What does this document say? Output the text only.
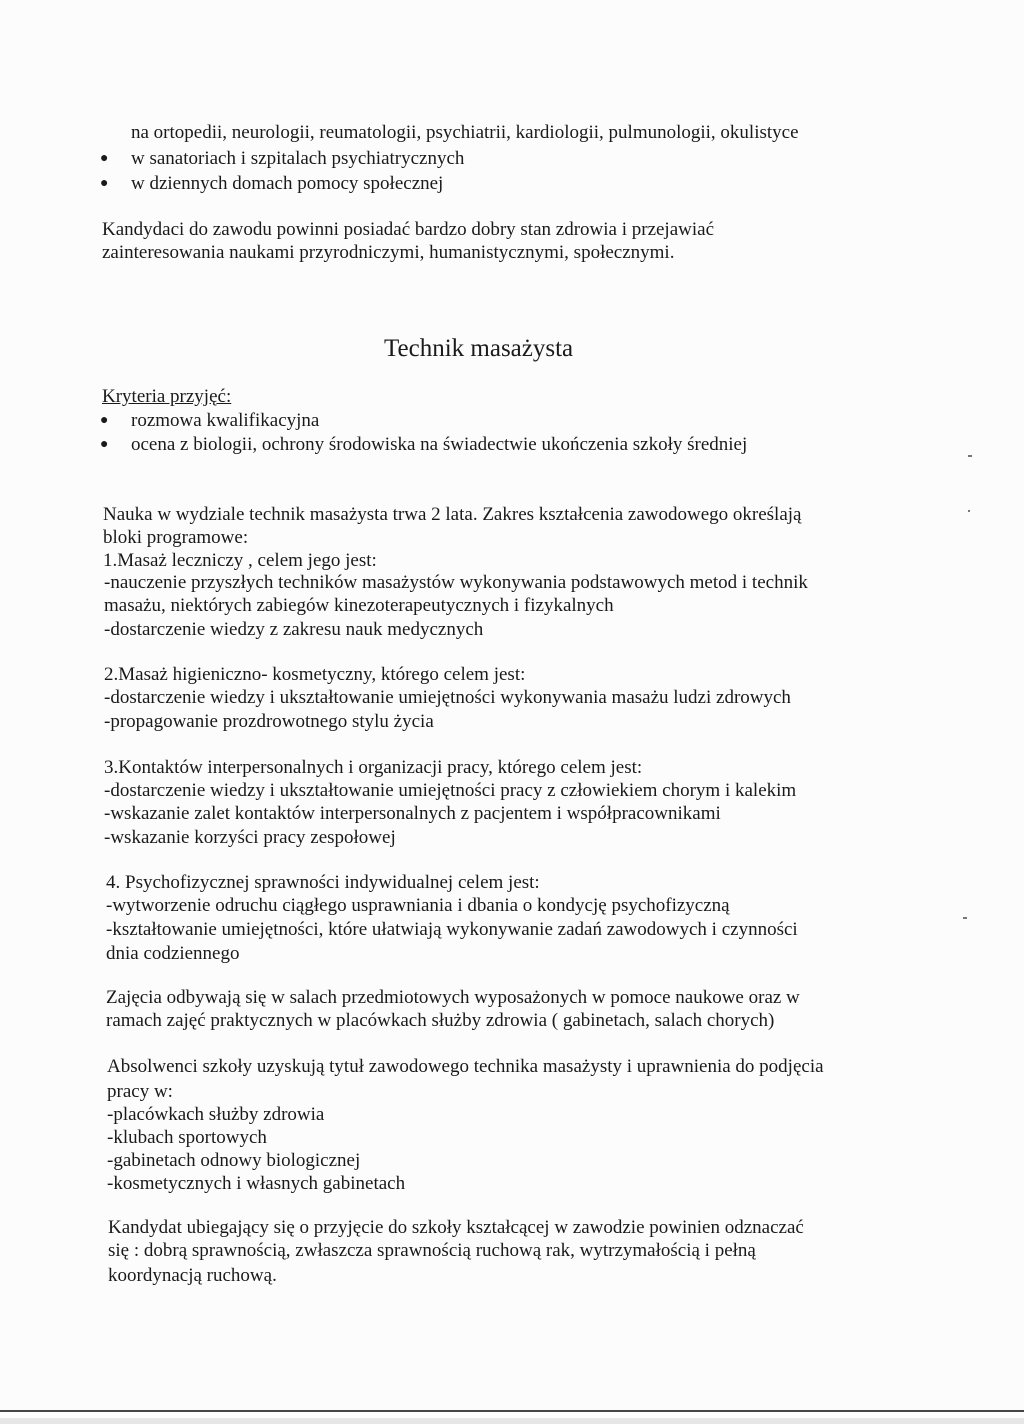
na ortopedii, neurologii, reumatologii, psychiatrii, kardiologii, pulmunologii, okulistyce
● w sanatoriach i szpitalach psychiatrycznych
● w dziennych domach pomocy społecznej
Kandydaci do zawodu powinni posiadać bardzo dobry stan zdrowia i przejawiać
zainteresowania naukami przyrodniczymi, humanistycznymi, społecznymi.
Technik masażysta
Kryteria przyjęć:
● rozmowa kwalifikacyjna
● ocena z biologii, ochrony środowiska na świadectwie ukończenia szkoły średniej
Nauka w wydziale technik masażysta trwa 2 lata. Zakres kształcenia zawodowego określają
bloki programowe:
1.Masaż leczniczy , celem jego jest:
-nauczenie przyszłych techników masażystów wykonywania podstawowych metod i technik
masażu, niektórych zabiegów kinezoterapeutycznych i fizykalnych
-dostarczenie wiedzy z zakresu nauk medycznych
2.Masaż higieniczno- kosmetyczny, którego celem jest:
-dostarczenie wiedzy i ukształtowanie umiejętności wykonywania masażu ludzi zdrowych
-propagowanie prozdrowotnego stylu życia
3.Kontaktów interpersonalnych i organizacji pracy, którego celem jest:
-dostarczenie wiedzy i ukształtowanie umiejętności pracy z człowiekiem chorym i kalekim
-wskazanie zalet kontaktów interpersonalnych z pacjentem i współpracownikami
-wskazanie korzyści pracy zespołowej
4. Psychofizycznej sprawności indywidualnej celem jest:
-wytworzenie odruchu ciągłego usprawniania i dbania o kondycję psychofizyczną
-kształtowanie umiejętności, które ułatwiają wykonywanie zadań zawodowych i czynności
dnia codziennego
Zajęcia odbywają się w salach przedmiotowych wyposażonych w pomoce naukowe oraz w
ramach zajęć praktycznych w placówkach służby zdrowia ( gabinetach, salach chorych)
Absolwenci szkoły uzyskują tytuł zawodowego technika masażysty i uprawnienia do podjęcia
pracy w:
-placówkach służby zdrowia
-klubach sportowych
-gabinetach odnowy biologicznej
-kosmetycznych i własnych gabinetach
Kandydat ubiegający się o przyjęcie do szkoły kształcącej w zawodzie powinien odznaczać
się : dobrą sprawnością, zwłaszcza sprawnością ruchową rak, wytrzymałością i pełną
koordynacją ruchową.
